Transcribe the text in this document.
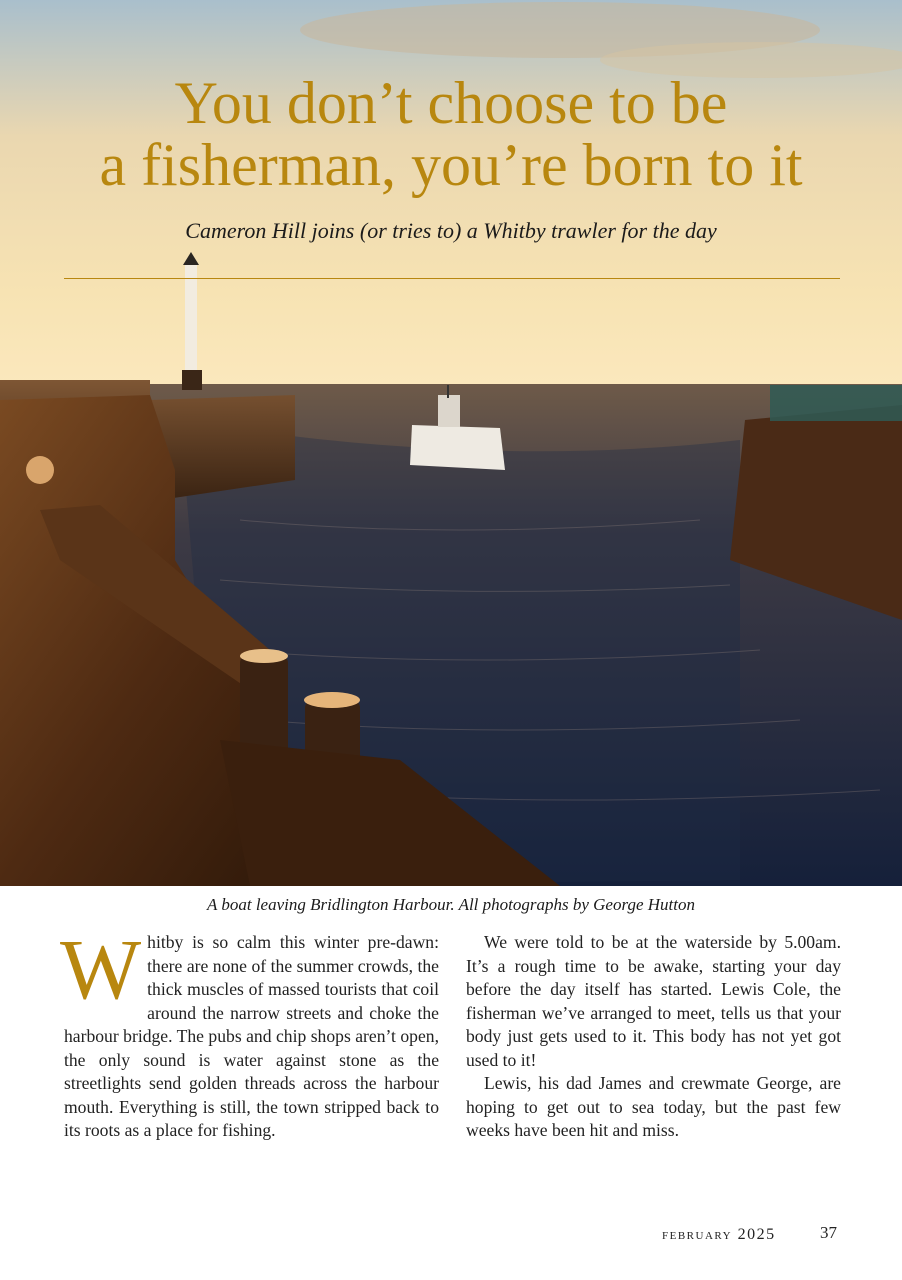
You don’t choose to be
a fisherman, you’re born to it
Cameron Hill joins (or tries to) a Whitby trawler for the day
A boat leaving Bridlington Harbour. All photographs by George Hutton

W hitby is so calm this winter pre-dawn: there are none of the summer crowds, the thick muscles of massed tourists that coil around the narrow streets and choke the harbour bridge. The pubs and chip shops aren’t open, the only sound is water against stone as the streetlights send golden threads across the harbour mouth. Everything is still, the town stripped back to its roots as a place for fishing.

We were told to be at the waterside by 5.00am. It’s a rough time to be awake, starting your day before the day itself has started. Lewis Cole, the fisherman we’ve arranged to meet, tells us that your body just gets used to it. This body has not yet got used to it!

Lewis, his dad James and crewmate George, are hoping to get out to sea today, but the past few weeks have been hit and miss.

february 2025	37
